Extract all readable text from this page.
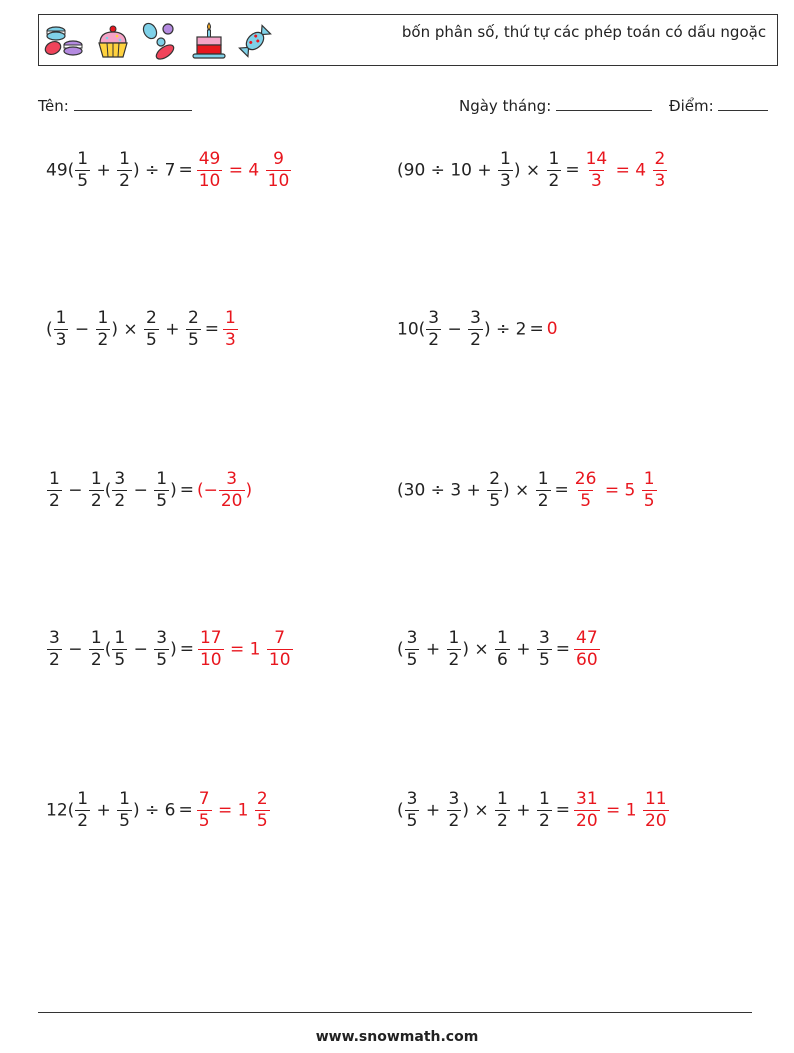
bốn phân số, thứ tự các phép toán có dấu ngoặc
Tên:	Ngày tháng:	Điểm:
$49( \frac{1}{5} + \frac{1}{2}$ ) ÷ $7 = \frac{49}{10} = 4 \frac{9}{10}$	($90 \div 10 + \frac{1}{3}$ ) × $\frac{1}{2} = \frac{14}{3} = 4 \frac{2}{3}$
( $\frac{1}{3} - \frac{1}{2}$ ) × $\frac{2}{5} + \frac{2}{5} = \frac{1}{3}$	$10( \frac{3}{2} - \frac{3}{2}$ ) ÷ 2 = 0
$\frac{1}{2} - \frac{1}{2}$ ( $\frac{3}{2} - \frac{1}{5}$ ) = (− $\frac{3}{20}$ )	($30 \div 3 + \frac{2}{5}$ ) × $\frac{1}{2} = \frac{26}{5} = 5 \frac{1}{5}$
$\frac{3}{2} - \frac{1}{2}$ ( $\frac{1}{5} - \frac{3}{5}$ ) = $\frac{17}{10} = 1 \frac{7}{10}$	( $\frac{3}{5} + \frac{1}{2}$ ) × $\frac{1}{6} + \frac{3}{5} = \frac{47}{60}$
$12( \frac{1}{2} + \frac{1}{5}$ ) ÷ $6 = \frac{7}{5} = 1 \frac{2}{5}$	( $\frac{3}{5} + \frac{3}{2}$ ) × $\frac{1}{2} + \frac{1}{2} = \frac{31}{20} = 1 \frac{11}{20}$
www.snowmath.com
